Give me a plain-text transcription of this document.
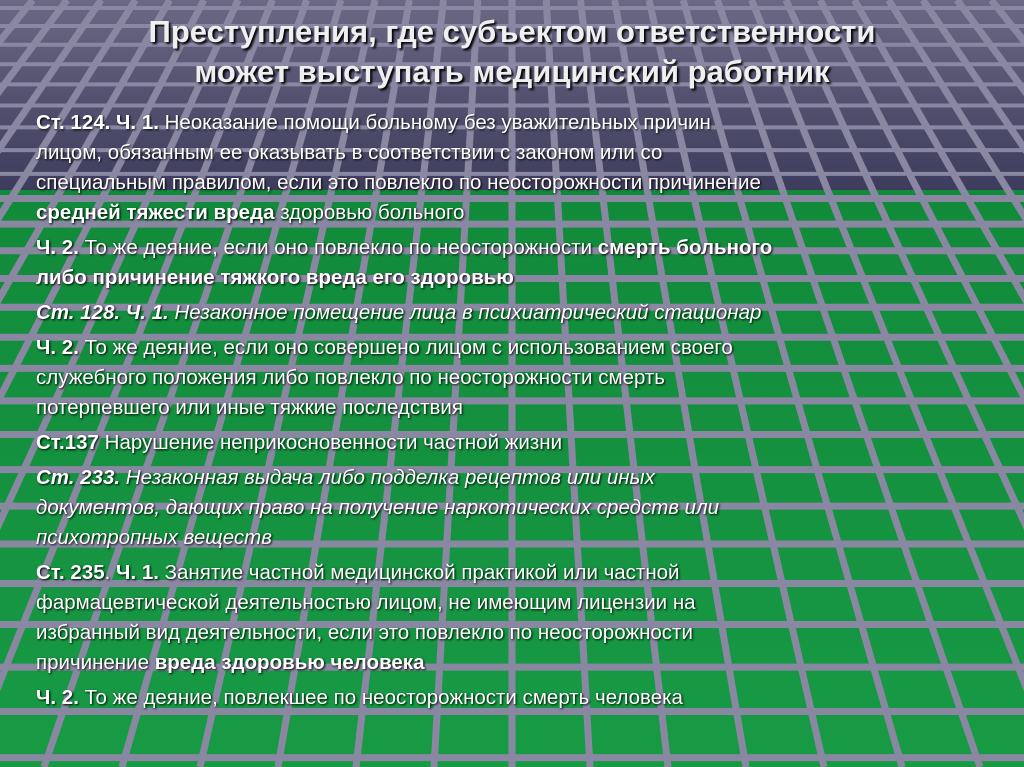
Преступления, где субъектом ответственности
может выступать медицинский работник
Ст. 124. Ч. 1. Неоказание помощи больному без уважительных причин
лицом, обязанным ее оказывать в соответствии с законом или со
специальным правилом, если это повлекло по неосторожности причинение
средней тяжести вреда здоровью больного
Ч. 2. То же деяние, если оно повлекло по неосторожности смерть больного
либо причинение тяжкого вреда его здоровью
Ст. 128. Ч. 1. Незаконное помещение лица в психиатрический стационар
Ч. 2. То же деяние, если оно совершено лицом с использованием своего
служебного положения либо повлекло по неосторожности смерть
потерпевшего или иные тяжкие последствия
Ст.137 Нарушение неприкосновенности частной жизни
Ст. 233. Незаконная выдача либо подделка рецептов или иных
документов, дающих право на получение наркотических средств или
психотропных веществ
Ст. 235. Ч. 1. Занятие частной медицинской практикой или частной
фармацевтической деятельностью лицом, не имеющим лицензии на
избранный вид деятельности, если это повлекло по неосторожности
причинение вреда здоровью человека
Ч. 2. То же деяние, повлекшее по неосторожности смерть человека
